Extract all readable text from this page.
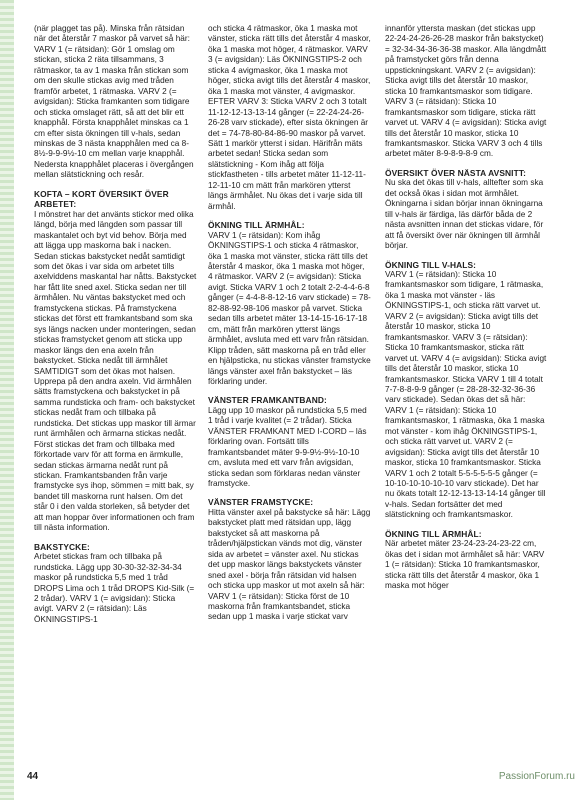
(när plagget tas på). Minska från rätsidan när det återstår 7 maskor på varvet så här: VARV 1 (= rätsidan): Gör 1 omslag om stickan, sticka 2 räta tillsammans, 3 rätmaskor, ta av 1 maska från stickan som om den skulle stickas avig med tråden framför arbetet, 1 rätmaska. VARV 2 (= avigsidan): Sticka framkanten som tidigare och sticka omslaget rätt, så att det blir ett knapphål. Första knapphålet minskas ca 1 cm efter sista ökningen till v-hals, sedan minskas de 3 nästa knapphålen med ca 8-8½-9-9-9½-10 cm mellan varje knapphål. Nedersta knapphålet placeras i övergången mellan slätstickning och resår.

KOFTA – KORT ÖVERSIKT ÖVER ARBETET:

I mönstret har det använts stickor med olika längd, börja med längden som passar till maskantalet och byt vid behov. Börja med att lägga upp maskorna bak i nacken. Sedan stickas bakstycket nedåt samtidigt som det ökas i var sida om arbetet tills axelviddens maskantal har nåtts. Bakstycket har fått lite sned axel. Sticka sedan ner till ärmhålen. Nu väntas bakstycket med och framstyckena stickas. På framstyckena stickas det först ett framkantsband som ska sys längs nacken under monteringen, sedan stickas framstycket genom att sticka upp maskor längs den ena axeln från bakstycket. Sticka nedåt till ärmhålet SAMTIDIGT som det ökas mot halsen. Upprepa på den andra axeln. Vid ärmhålen sätts framstyckena och bakstycket in på samma rundsticka och fram- och bakstycket stickas nedåt fram och tillbaka på rundsticka. Det stickas upp maskor till ärmar runt ärmhålen och ärmarna stickas nedåt. Först stickas det fram och tillbaka med förkortade varv för att forma en ärmkulle, sedan stickas ärmarna nedåt runt på stickan. Framkantsbanden från varje framstycke sys ihop, sömmen = mitt bak, sy bandet till maskorna runt halsen. Om det står 0 i den valda storleken, så betyder det att man hoppar över informationen och fram till nästa information.

BAKSTYCKE:

Arbetet stickas fram och tillbaka på rundsticka. Lägg upp 30-30-32-32-34-34 maskor på rundsticka 5,5 med 1 tråd DROPS Lima och 1 tråd DROPS Kid-Silk (= 2 trådar). VARV 1 (= avigsidan): Sticka avigt. VARV 2 (= rätsidan): Läs ÖKNINGSTIPS-1

och sticka 4 rätmaskor, öka 1 maska mot vänster, sticka rätt tills det återstår 4 maskor, öka 1 maska mot höger, 4 rätmaskor. VARV 3 (= avigsidan): Läs ÖKNINGSTIPS-2 och sticka 4 avigmaskor, öka 1 maska mot höger, sticka avigt tills det återstår 4 maskor, öka 1 maska mot vänster, 4 avigmaskor. EFTER VARV 3: Sticka VARV 2 och 3 totalt 11-12-12-13-13-14 gånger (= 22-24-24-26-26-28 varv stickade), efter sista ökningen är det = 74-78-80-84-86-90 maskor på varvet. Sätt 1 markör ytterst i sidan. Härifrån mäts arbetet sedan! Sticka sedan som slätstickning - Kom ihåg att följa stickfastheten - tills arbetet mäter 11-12-11-12-11-10 cm mätt från markören ytterst längs ärmhålet. Nu ökas det i varje sida till ärmhål.

ÖKNING TILL ÄRMHÅL:

VARV 1 (= rätsidan): Kom ihåg ÖKNINGSTIPS-1 och sticka 4 rätmaskor, öka 1 maska mot vänster, sticka rätt tills det återstår 4 maskor, öka 1 maska mot höger, 4 rätmaskor. VARV 2 (= avigsidan): Sticka avigt. Sticka VARV 1 och 2 totalt 2-2-4-4-6-8 gånger (= 4-4-8-8-12-16 varv stickade) = 78-82-88-92-98-106 maskor på varvet. Sticka sedan tills arbetet mäter 13-14-15-16-17-18 cm, mätt från markören ytterst längs ärmhålet, avsluta med ett varv från rätsidan. Klipp tråden, sätt maskorna på en tråd eller en hjälpsticka, nu stickas vänster framstycke längs vänster axel från bakstycket – läs förklaring under.

VÄNSTER FRAMKANTBAND:

Lägg upp 10 maskor på rundsticka 5,5 med 1 tråd i varje kvalitet (= 2 trådar). Sticka VÄNSTER FRAMKANT MED I-CORD – läs förklaring ovan. Fortsätt tills framkantsbandet mäter 9-9-9½-9½-10-10 cm, avsluta med ett varv från avigsidan, sticka sedan som förklaras nedan vänster framstycke.

VÄNSTER FRAMSTYCKE:

Hitta vänster axel på bakstycke så här: Lägg bakstycket platt med rätsidan upp, lägg bakstycket så att maskorna på tråden/hjälpstickan vänds mot dig, vänster sida av arbetet = vänster axel. Nu stickas det upp maskor längs bakstyckets vänster sned axel - börja från rätsidan vid halsen och sticka upp maskor ut mot axeln så här: VARV 1 (= rätsidan): Sticka först de 10 maskorna från framkantsbandet, sticka sedan upp 1 maska i varje stickat varv

innanför yttersta maskan (det stickas upp 22-24-24-26-26-28 maskor från bakstycket) = 32-34-34-36-36-38 maskor. Alla längdmått på framstycket görs från denna uppstickningskant. VARV 2 (= avigsidan): Sticka avigt tills det återstår 10 maskor, sticka 10 framkantsmaskor som tidigare. VARV 3 (= rätsidan): Sticka 10 framkantsmaskor som tidigare, sticka rätt varvet ut. VARV 4 (= avigsidan): Sticka avigt tills det återstår 10 maskor, sticka 10 framkantsmaskor. Sticka VARV 3 och 4 tills arbetet mäter 8-9-8-9-8-9 cm.

ÖVERSIKT ÖVER NÄSTA AVSNITT:

Nu ska det ökas till v-hals, alltefter som ska det också ökas i sidan mot ärmhålet. Ökningarna i sidan börjar innan ökningarna till v-hals är färdiga, läs därför båda de 2 nästa avsnitten innan det stickas vidare, för att få översikt över när ökningen till ärmhål börjar.

ÖKNING TILL V-HALS:

VARV 1 (= rätsidan): Sticka 10 framkantsmaskor som tidigare, 1 rätmaska, öka 1 maska mot vänster - läs ÖKNINGSTIPS-1, och sticka rätt varvet ut. VARV 2 (= avigsidan): Sticka avigt tills det återstår 10 maskor, sticka 10 framkantsmaskor. VARV 3 (= rätsidan): Sticka 10 framkantsmaskor, sticka rätt varvet ut. VARV 4 (= avigsidan): Sticka avigt tills det återstår 10 maskor, sticka 10 framkantsmaskor. Sticka VARV 1 till 4 totalt 7-7-8-8-9-9 gånger (= 28-28-32-32-36-36 varv stickade). Sedan ökas det så här: VARV 1 (= rätsidan): Sticka 10 framkantsmaskor, 1 rätmaska, öka 1 maska mot vänster - kom ihåg ÖKNINGSTIPS-1, och sticka rätt varvet ut. VARV 2 (= avigsidan): Sticka avigt tills det återstår 10 maskor, sticka 10 framkantsmaskor. Sticka VARV 1 och 2 totalt 5-5-5-5-5-5 gånger (= 10-10-10-10-10-10 varv stickade). Det har nu ökats totalt 12-12-13-13-14-14 gånger till v-hals. Sedan fortsätter det med slätstickning och framkantsmaskor.

ÖKNING TILL ÄRMHÅL:

När arbetet mäter 23-24-23-24-23-22 cm, ökas det i sidan mot ärmhålet så här: VARV 1 (= rätsidan): Sticka 10 framkantsmaskor, sticka rätt tills det återstår 4 maskor, öka 1 maska mot höger

44	PassionForum.ru
